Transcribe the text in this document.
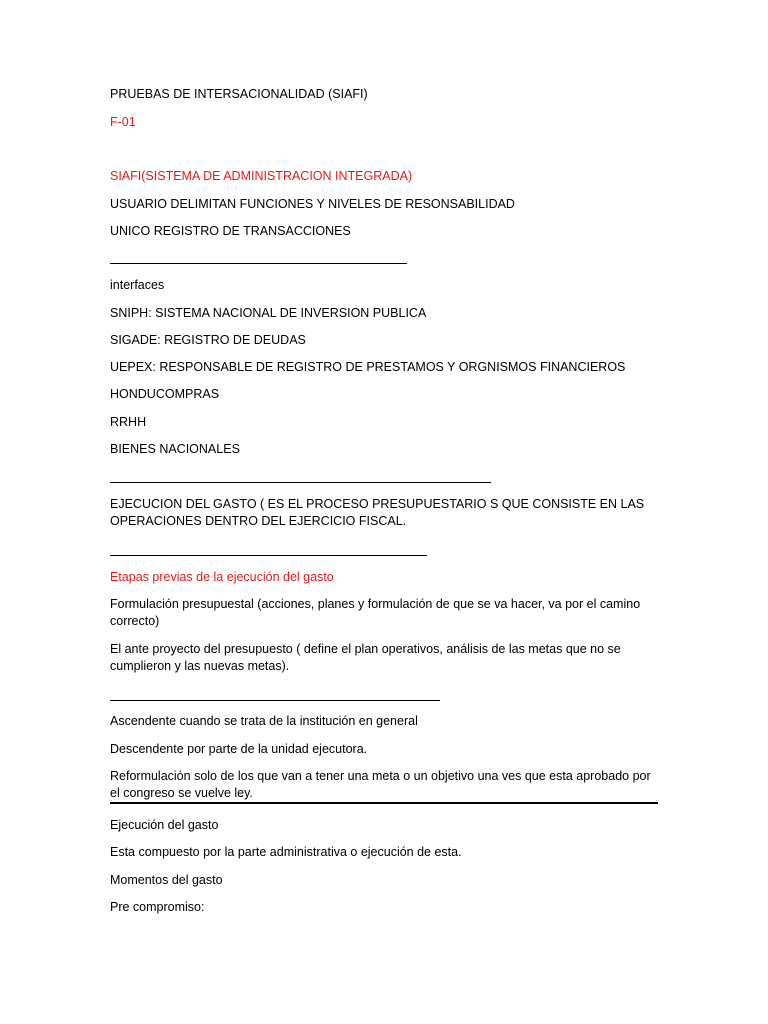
PRUEBAS DE INTERSACIONALIDAD (SIAFI)
F-01
SIAFI(SISTEMA DE ADMINISTRACION INTEGRADA)
USUARIO DELIMITAN FUNCIONES Y NIVELES DE RESONSABILIDAD
UNICO REGISTRO DE TRANSACCIONES
interfaces
SNIPH: SISTEMA NACIONAL DE INVERSION PUBLICA
SIGADE: REGISTRO DE DEUDAS
UEPEX: RESPONSABLE DE REGISTRO DE PRESTAMOS Y ORGNISMOS FINANCIEROS
HONDUCOMPRAS
RRHH
BIENES NACIONALES
EJECUCION DEL GASTO ( ES EL PROCESO PRESUPUESTARIO S QUE CONSISTE EN LAS OPERACIONES DENTRO DEL EJERCICIO FISCAL.
Etapas previas de la ejecución del gasto
Formulación presupuestal (acciones, planes y formulación de que se va hacer, va por el camino correcto)
El ante proyecto del presupuesto ( define el plan operativos, análisis de las metas que no se cumplieron y las nuevas metas).
Ascendente cuando se trata de la institución en general
Descendente por parte de la unidad ejecutora.
Reformulación solo de los que van a tener una meta o un objetivo una ves que esta aprobado por el congreso se vuelve ley.
Ejecución del gasto
Esta compuesto por la parte administrativa o ejecución de esta.
Momentos del gasto
Pre compromiso:
